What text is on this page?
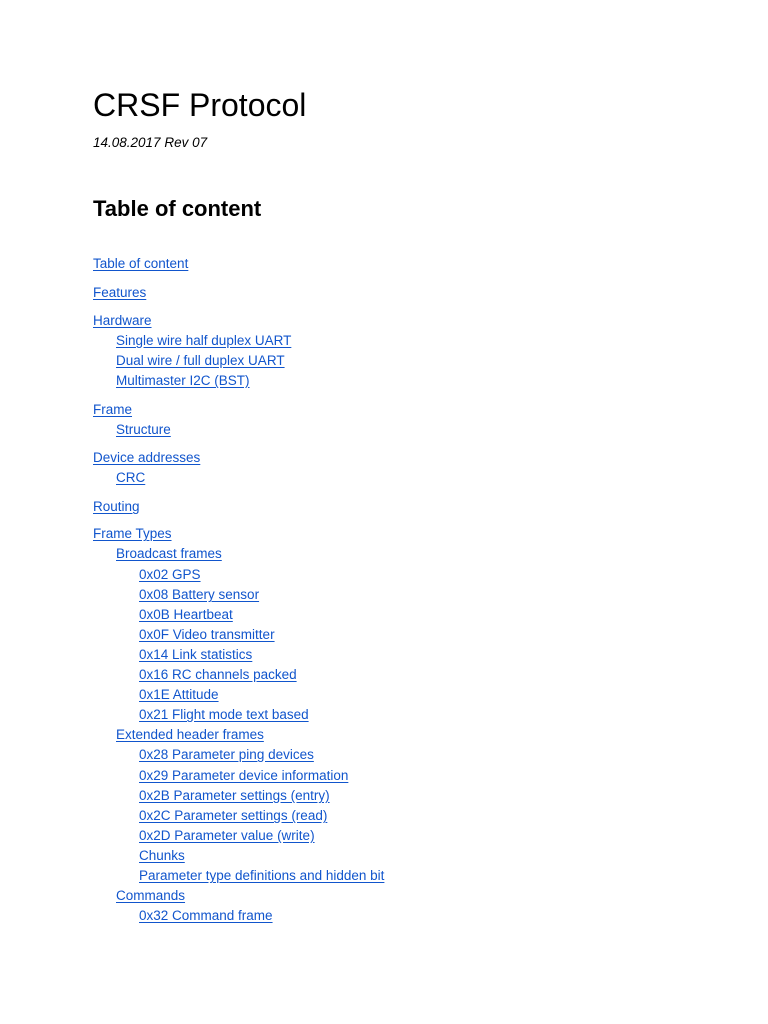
CRSF Protocol

14.08.2017 Rev 07

Table of content
Table of content
Features
Hardware
Single wire half duplex UART
Dual wire / full duplex UART
Multimaster I2C (BST)
Frame
Structure
Device addresses
CRC
Routing
Frame Types
Broadcast frames
0x02 GPS
0x08 Battery sensor
0x0B Heartbeat
0x0F Video transmitter
0x14 Link statistics
0x16 RC channels packed
0x1E Attitude
0x21 Flight mode text based
Extended header frames
0x28 Parameter ping devices
0x29 Parameter device information
0x2B Parameter settings (entry)
0x2C Parameter settings (read)
0x2D Parameter value (write)
Chunks
Parameter type definitions and hidden bit
Commands
0x32 Command frame
